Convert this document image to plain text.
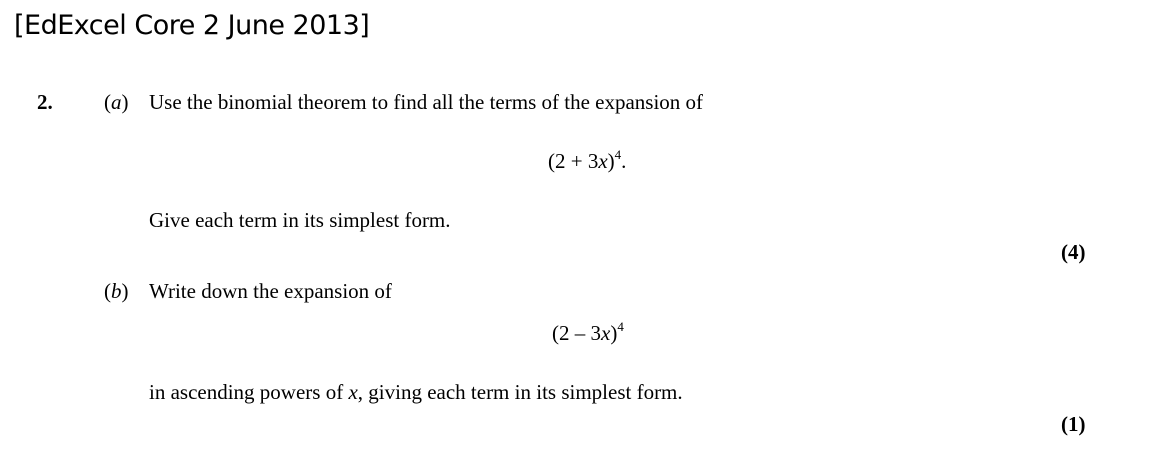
[EdExcel Core 2 June 2013]
2. (a) Use the binomial theorem to find all the terms of the expansion of
$(2 + 3x)^4$.
Give each term in its simplest form.
(4)
(b) Write down the expansion of
(2 – 3x)$^4$
in ascending powers of x, giving each term in its simplest form.
(1)
